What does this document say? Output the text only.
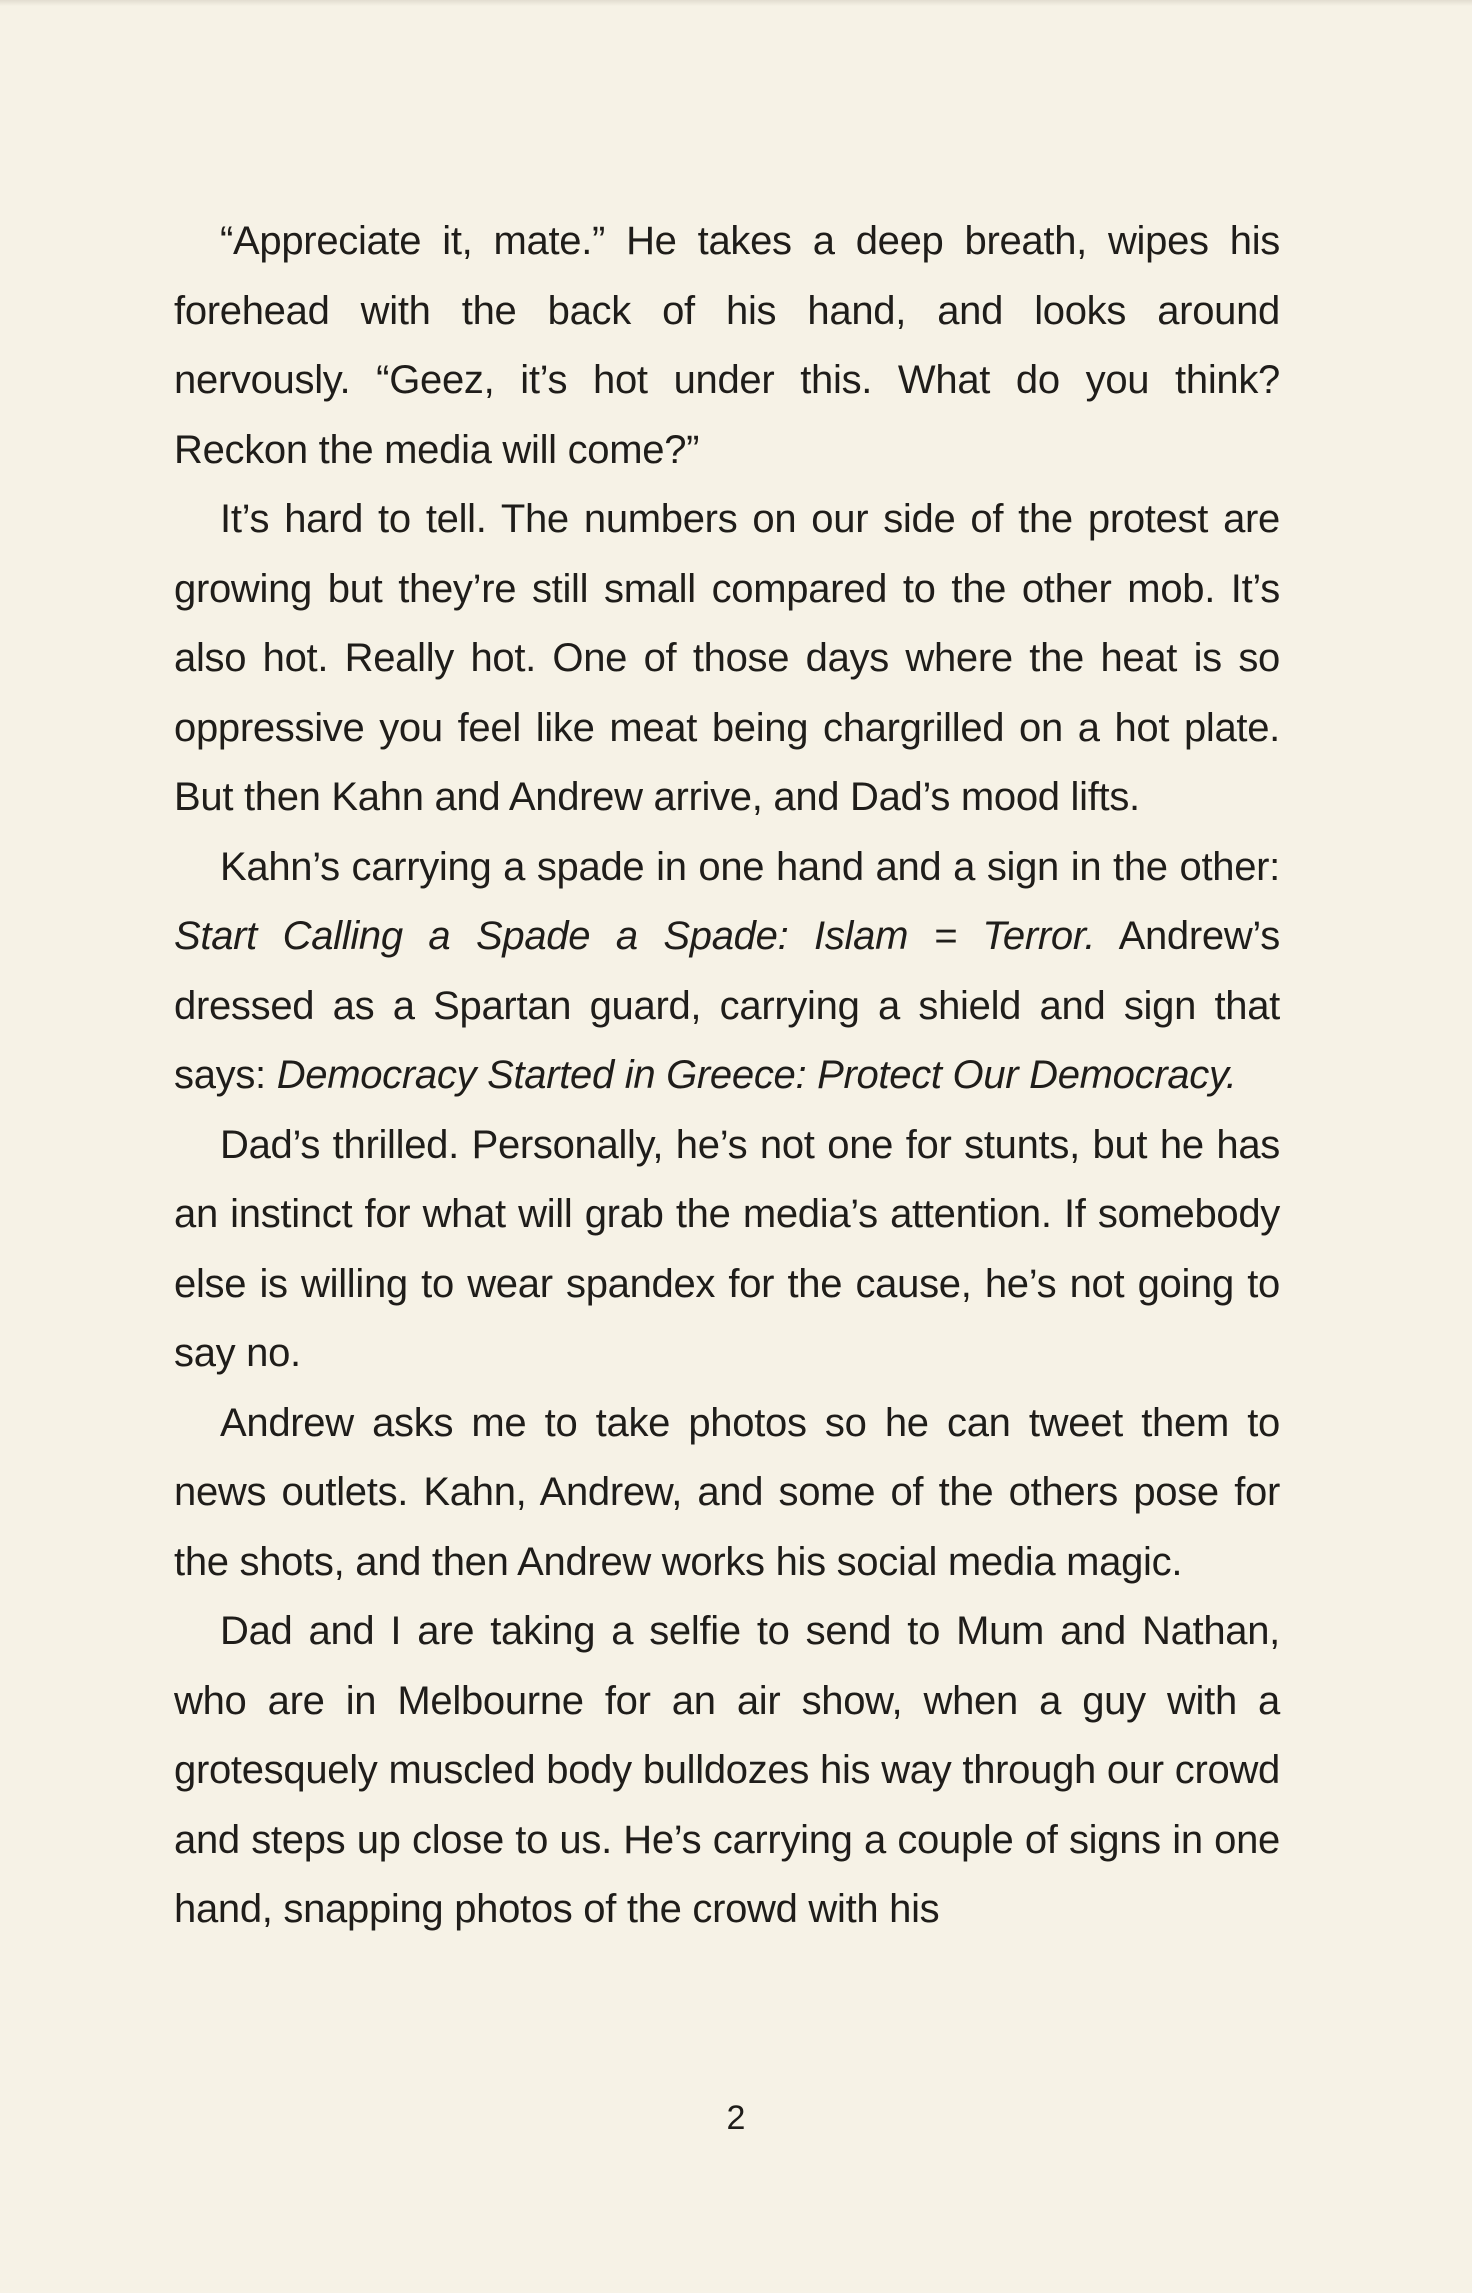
“Appreciate it, mate.” He takes a deep breath, wipes his forehead with the back of his hand, and looks around nervously. “Geez, it’s hot under this. What do you think? Reckon the media will come?”

It’s hard to tell. The numbers on our side of the protest are growing but they’re still small compared to the other mob. It’s also hot. Really hot. One of those days where the heat is so oppressive you feel like meat being chargrilled on a hot plate. But then Kahn and Andrew arrive, and Dad’s mood lifts.

Kahn’s carrying a spade in one hand and a sign in the other: Start Calling a Spade a Spade: Islam = Terror. Andrew’s dressed as a Spartan guard, carrying a shield and sign that says: Democracy Started in Greece: Protect Our Democracy.

Dad’s thrilled. Personally, he’s not one for stunts, but he has an instinct for what will grab the media’s attention. If somebody else is willing to wear spandex for the cause, he’s not going to say no.

Andrew asks me to take photos so he can tweet them to news outlets. Kahn, Andrew, and some of the others pose for the shots, and then Andrew works his social media magic.

Dad and I are taking a selfie to send to Mum and Nathan, who are in Melbourne for an air show, when a guy with a grotesquely muscled body bulldozes his way through our crowd and steps up close to us. He’s carrying a couple of signs in one hand, snapping photos of the crowd with his

2
